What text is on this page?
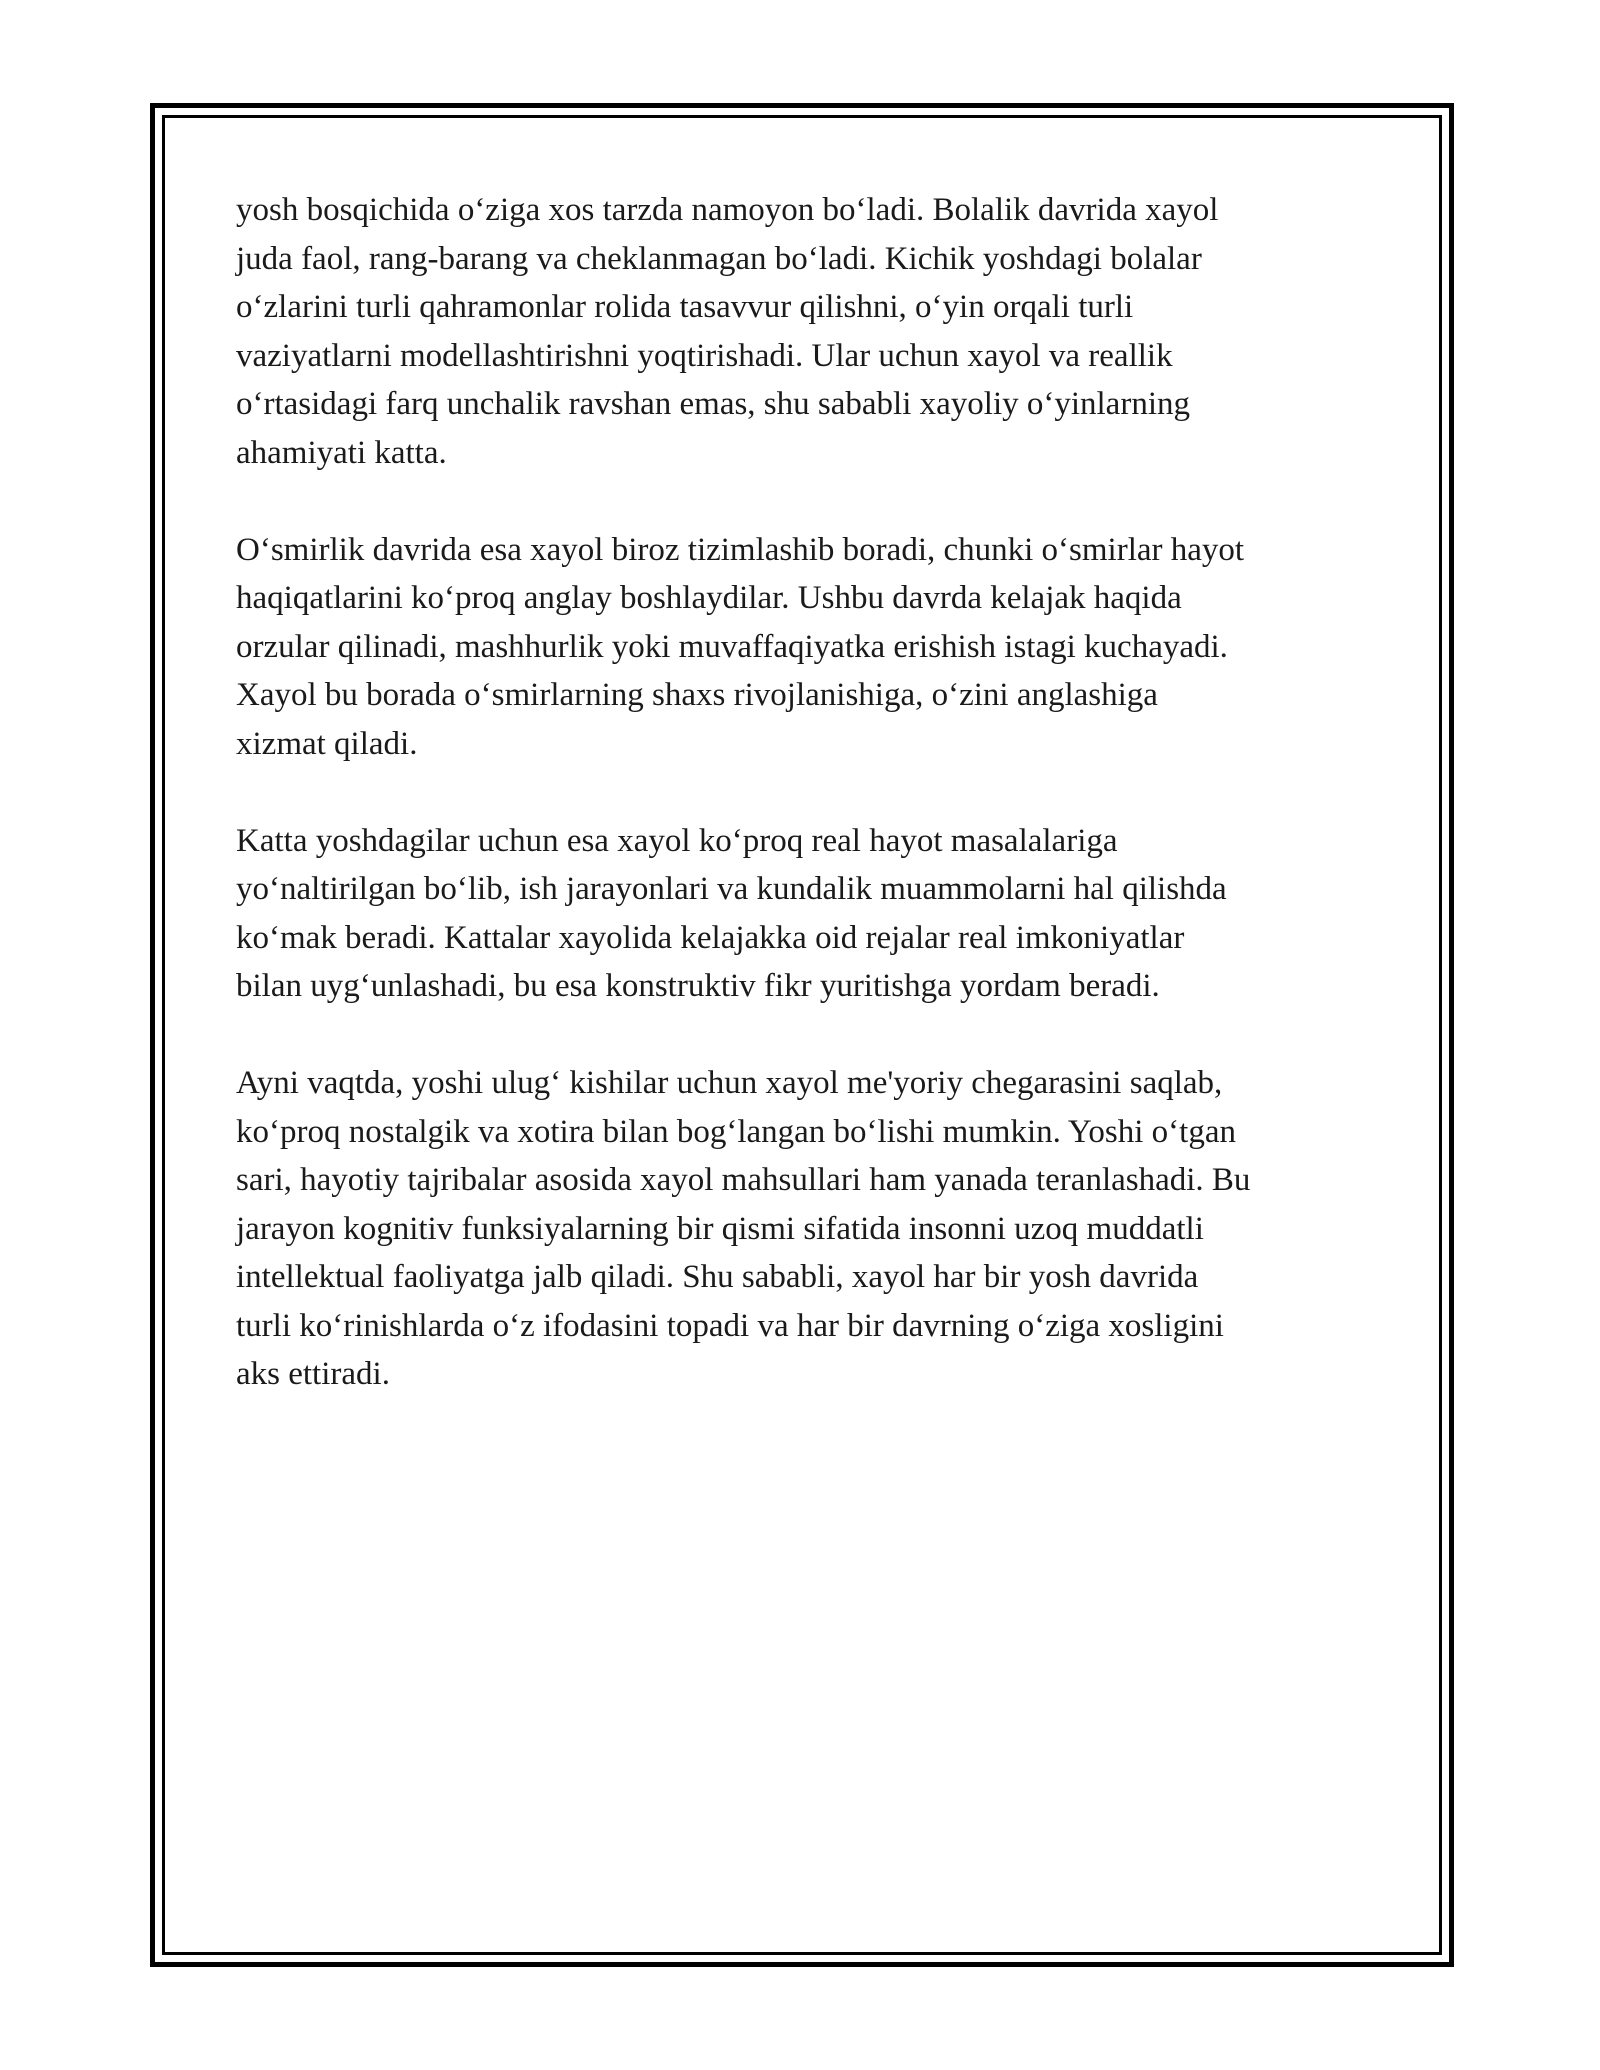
yosh bosqichida o‘ziga xos tarzda namoyon bo‘ladi. Bolalik davrida xayol
juda faol, rang-barang va cheklanmagan bo‘ladi. Kichik yoshdagi bolalar
o‘zlarini turli qahramonlar rolida tasavvur qilishni, o‘yin orqali turli
vaziyatlarni modellashtirishni yoqtirishadi. Ular uchun xayol va reallik
o‘rtasidagi farq unchalik ravshan emas, shu sababli xayoliy o‘yinlarning
ahamiyati katta.

O‘smirlik davrida esa xayol biroz tizimlashib boradi, chunki o‘smirlar hayot
haqiqatlarini ko‘proq anglay boshlaydilar. Ushbu davrda kelajak haqida
orzular qilinadi, mashhurlik yoki muvaffaqiyatka erishish istagi kuchayadi.
Xayol bu borada o‘smirlarning shaxs rivojlanishiga, o‘zini anglashiga
xizmat qiladi.

Katta yoshdagilar uchun esa xayol ko‘proq real hayot masalalariga
yo‘naltirilgan bo‘lib, ish jarayonlari va kundalik muammolarni hal qilishda
ko‘mak beradi. Kattalar xayolida kelajakka oid rejalar real imkoniyatlar
bilan uyg‘unlashadi, bu esa konstruktiv fikr yuritishga yordam beradi.

Ayni vaqtda, yoshi ulug‘ kishilar uchun xayol me'yoriy chegarasini saqlab,
ko‘proq nostalgik va xotira bilan bog‘langan bo‘lishi mumkin. Yoshi o‘tgan
sari, hayotiy tajribalar asosida xayol mahsullari ham yanada teranlashadi. Bu
jarayon kognitiv funksiyalarning bir qismi sifatida insonni uzoq muddatli
intellektual faoliyatga jalb qiladi. Shu sababli, xayol har bir yosh davrida
turli ko‘rinishlarda o‘z ifodasini topadi va har bir davrning o‘ziga xosligini
aks ettiradi.
